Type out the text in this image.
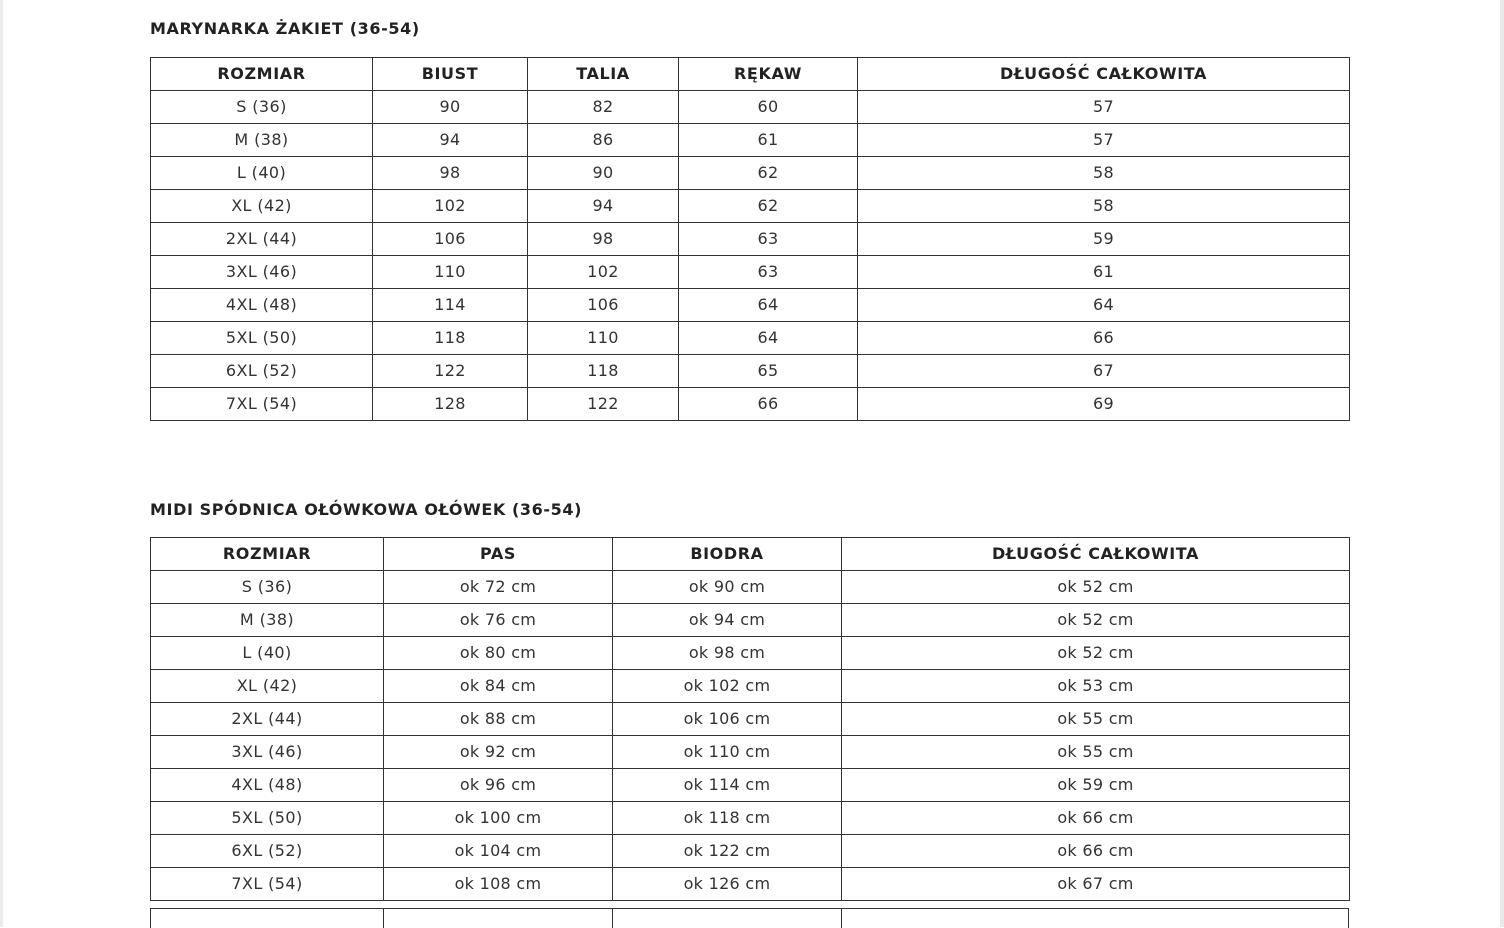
MARYNARKA ŻAKIET (36-54)
ROZMIAR	BIUST	TALIA	RĘKAW	DŁUGOŚĆ CAŁKOWITA
S (36)	90	82	60	57
M (38)	94	86	61	57
L (40)	98	90	62	58
XL (42)	102	94	62	58
2XL (44)	106	98	63	59
3XL (46)	110	102	63	61
4XL (48)	114	106	64	64
5XL (50)	118	110	64	66
6XL (52)	122	118	65	67
7XL (54)	128	122	66	69
MIDI SPÓDNICA OŁÓWKOWA OŁÓWEK (36-54)
ROZMIAR	PAS	BIODRA	DŁUGOŚĆ CAŁKOWITA
S (36)	ok 72 cm	ok 90 cm	ok 52 cm
M (38)	ok 76 cm	ok 94 cm	ok 52 cm
L (40)	ok 80 cm	ok 98 cm	ok 52 cm
XL (42)	ok 84 cm	ok 102 cm	ok 53 cm
2XL (44)	ok 88 cm	ok 106 cm	ok 55 cm
3XL (46)	ok 92 cm	ok 110 cm	ok 55 cm
4XL (48)	ok 96 cm	ok 114 cm	ok 59 cm
5XL (50)	ok 100 cm	ok 118 cm	ok 66 cm
6XL (52)	ok 104 cm	ok 122 cm	ok 66 cm
7XL (54)	ok 108 cm	ok 126 cm	ok 67 cm
